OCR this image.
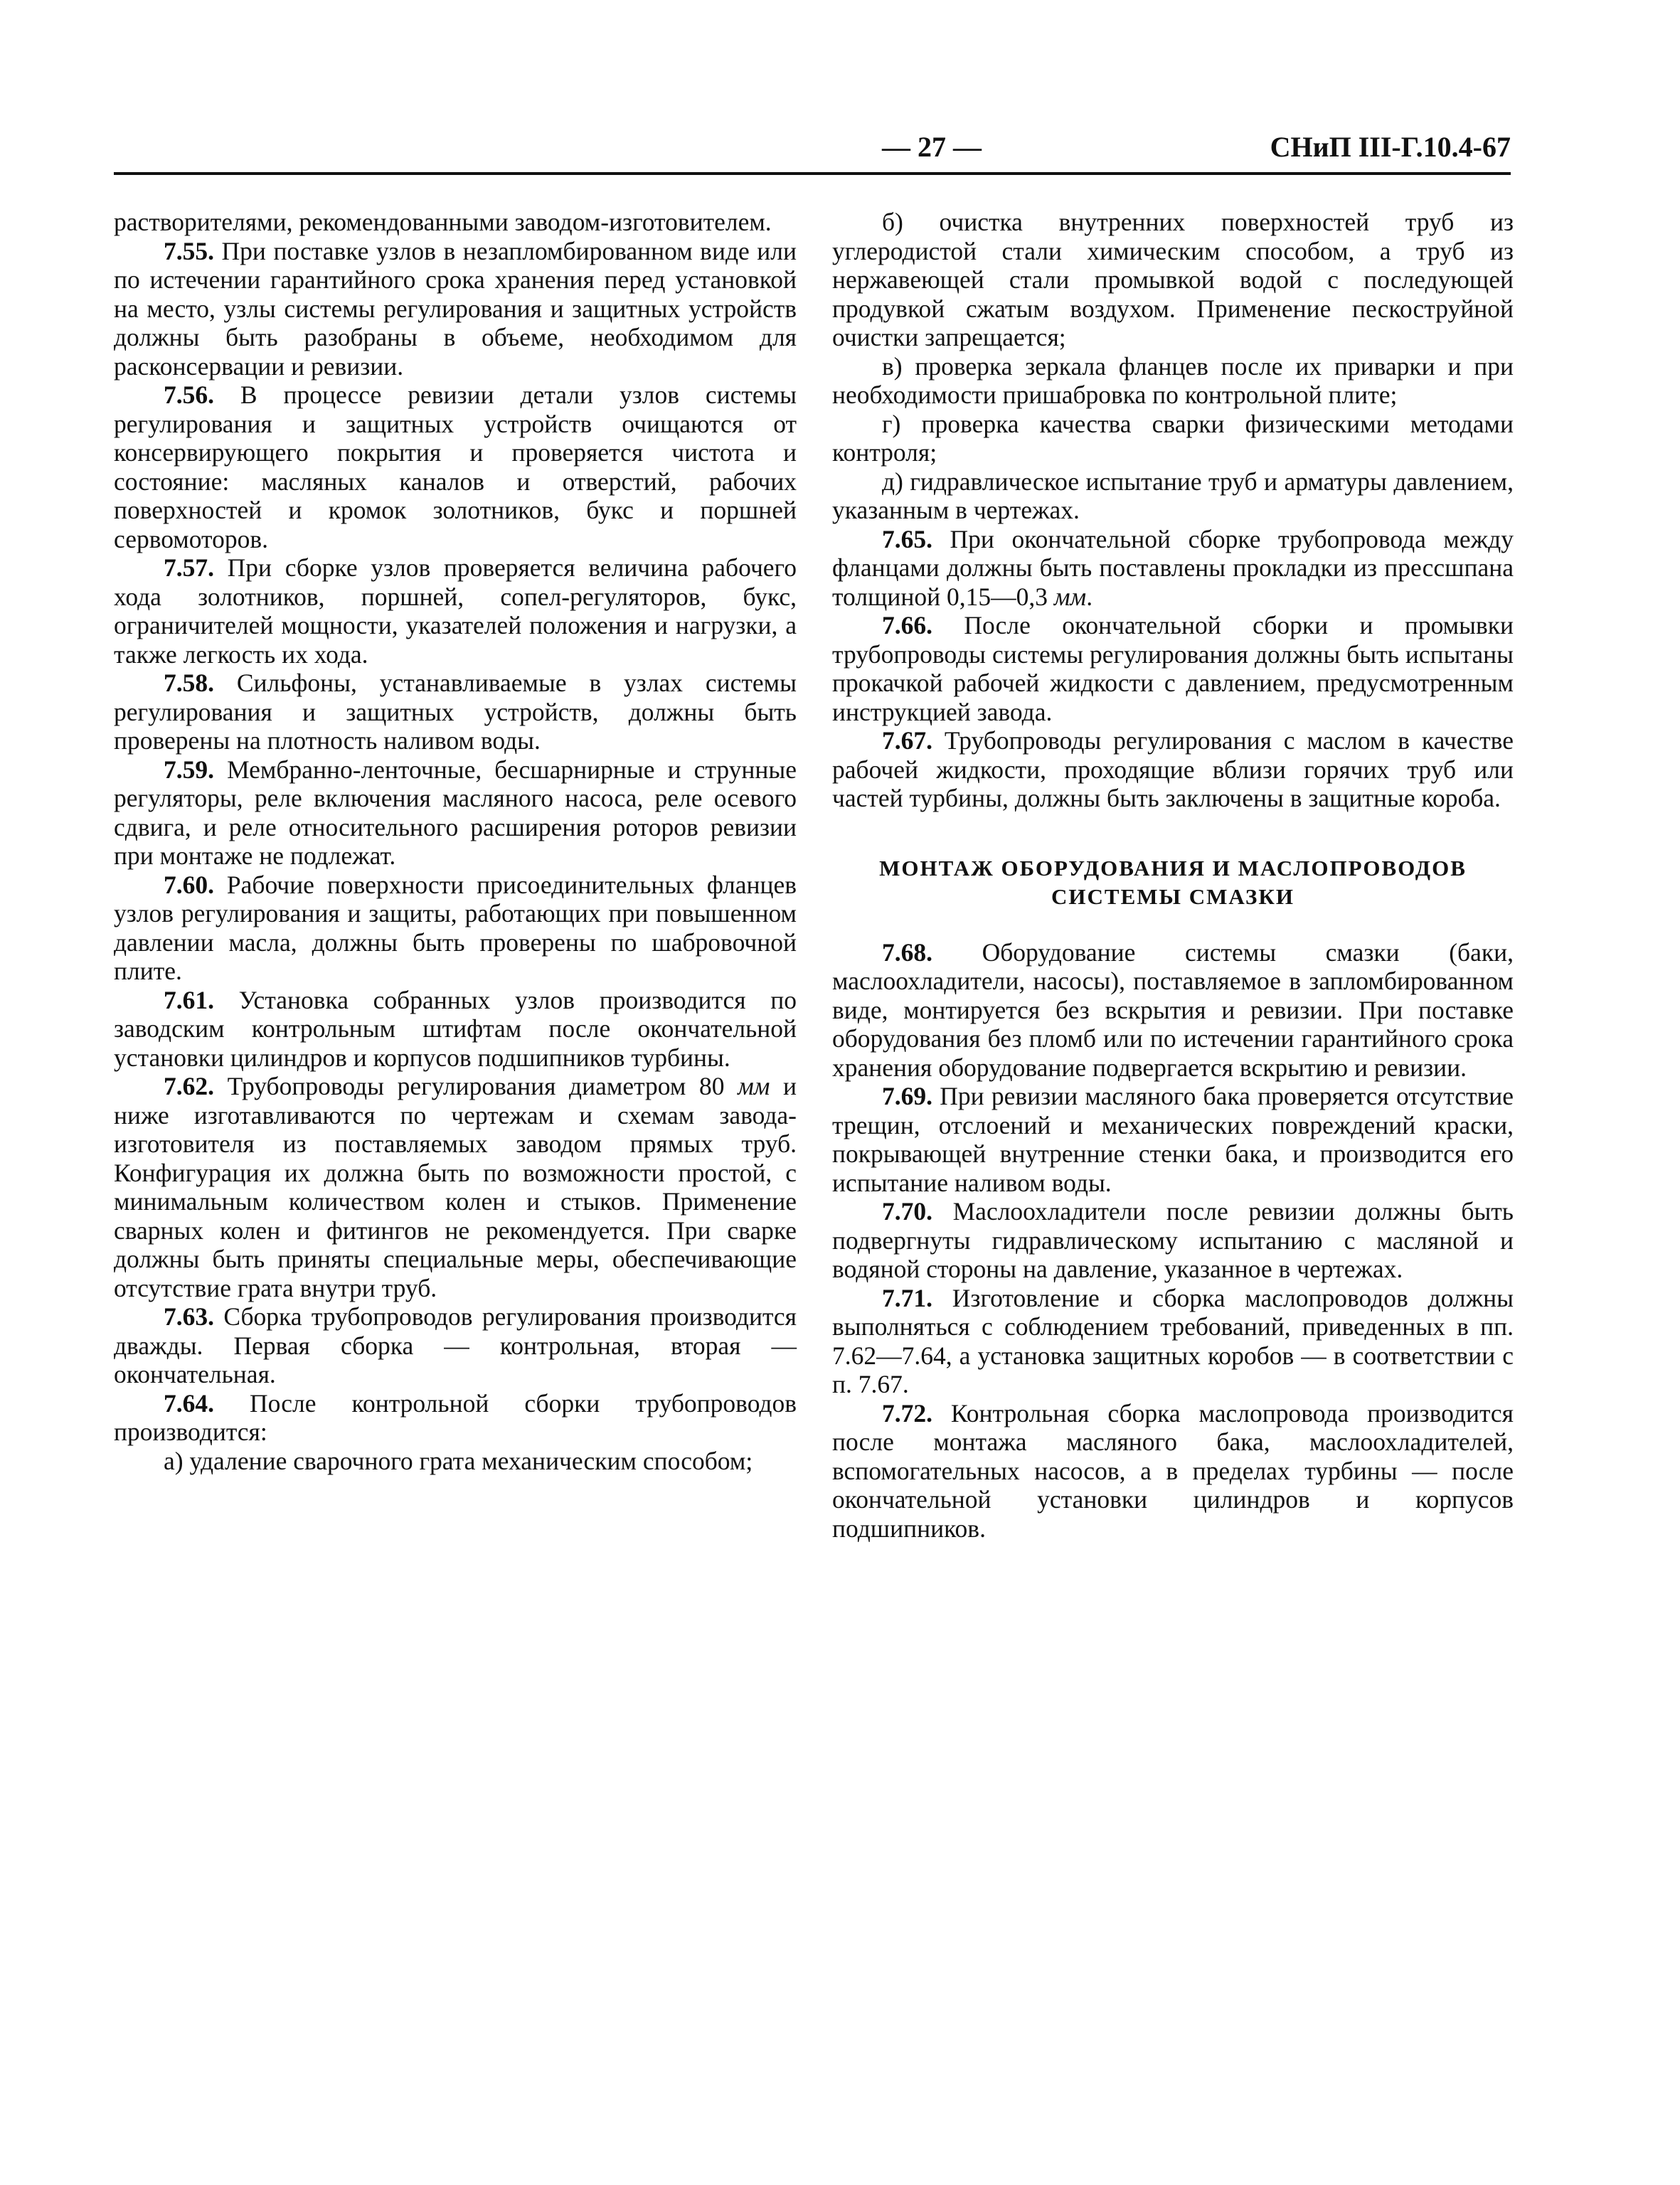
— 27 —	СНиП III-Г.10.4-67

растворителями, рекомендованными заводом-изготовителем.

7.55. При поставке узлов в незапломбированном виде или по истечении гарантийного срока хранения перед установкой на место, узлы системы регулирования и защитных устройств должны быть разобраны в объеме, необходимом для расконсервации и ревизии.

7.56. В процессе ревизии детали узлов системы регулирования и защитных устройств очищаются от консервирующего покрытия и проверяется чистота и состояние: масляных каналов и отверстий, рабочих поверхностей и кромок золотников, букс и поршней сервомоторов.

7.57. При сборке узлов проверяется величина рабочего хода золотников, поршней, сопел-регуляторов, букс, ограничителей мощности, указателей положения и нагрузки, а также легкость их хода.

7.58. Сильфоны, устанавливаемые в узлах системы регулирования и защитных устройств, должны быть проверены на плотность наливом воды.

7.59. Мембранно-ленточные, бесшарнирные и струнные регуляторы, реле включения масляного насоса, реле осевого сдвига, и реле относительного расширения роторов ревизии при монтаже не подлежат.

7.60. Рабочие поверхности присоединительных фланцев узлов регулирования и защиты, работающих при повышенном давлении масла, должны быть проверены по шабровочной плите.

7.61. Установка собранных узлов производится по заводским контрольным штифтам после окончательной установки цилиндров и корпусов подшипников турбины.

7.62. Трубопроводы регулирования диаметром 80 мм и ниже изготавливаются по чертежам и схемам завода-изготовителя из поставляемых заводом прямых труб. Конфигурация их должна быть по возможности простой, с минимальным количеством колен и стыков. Применение сварных колен и фитингов не рекомендуется. При сварке должны быть приняты специальные меры, обеспечивающие отсутствие грата внутри труб.

7.63. Сборка трубопроводов регулирования производится дважды. Первая сборка — контрольная, вторая — окончательная.

7.64. После контрольной сборки трубопроводов производится:

а) удаление сварочного грата механическим способом;

б) очистка внутренних поверхностей труб из углеродистой стали химическим способом, а труб из нержавеющей стали промывкой водой с последующей продувкой сжатым воздухом. Применение пескоструйной очистки запрещается;

в) проверка зеркала фланцев после их приварки и при необходимости пришабровка по контрольной плите;

г) проверка качества сварки физическими методами контроля;

д) гидравлическое испытание труб и арматуры давлением, указанным в чертежах.

7.65. При окончательной сборке трубопровода между фланцами должны быть поставлены прокладки из прессшпана толщиной 0,15—0,3 мм.

7.66. После окончательной сборки и промывки трубопроводы системы регулирования должны быть испытаны прокачкой рабочей жидкости с давлением, предусмотренным инструкцией завода.

7.67. Трубопроводы регулирования с маслом в качестве рабочей жидкости, проходящие вблизи горячих труб или частей турбины, должны быть заключены в защитные короба.

МОНТАЖ ОБОРУДОВАНИЯ И МАСЛОПРОВОДОВ
СИСТЕМЫ СМАЗКИ

7.68. Оборудование системы смазки (баки, маслоохладители, насосы), поставляемое в запломбированном виде, монтируется без вскрытия и ревизии. При поставке оборудования без пломб или по истечении гарантийного срока хранения оборудование подвергается вскрытию и ревизии.

7.69. При ревизии масляного бака проверяется отсутствие трещин, отслоений и механических повреждений краски, покрывающей внутренние стенки бака, и производится его испытание наливом воды.

7.70. Маслоохладители после ревизии должны быть подвергнуты гидравлическому испытанию с масляной и водяной стороны на давление, указанное в чертежах.

7.71. Изготовление и сборка маслопроводов должны выполняться с соблюдением требований, приведенных в пп. 7.62—7.64, а установка защитных коробов — в соответствии с п. 7.67.

7.72. Контрольная сборка маслопровода производится после монтажа масляного бака, маслоохладителей, вспомогательных насосов, а в пределах турбины — после окончательной установки цилиндров и корпусов подшипников.
